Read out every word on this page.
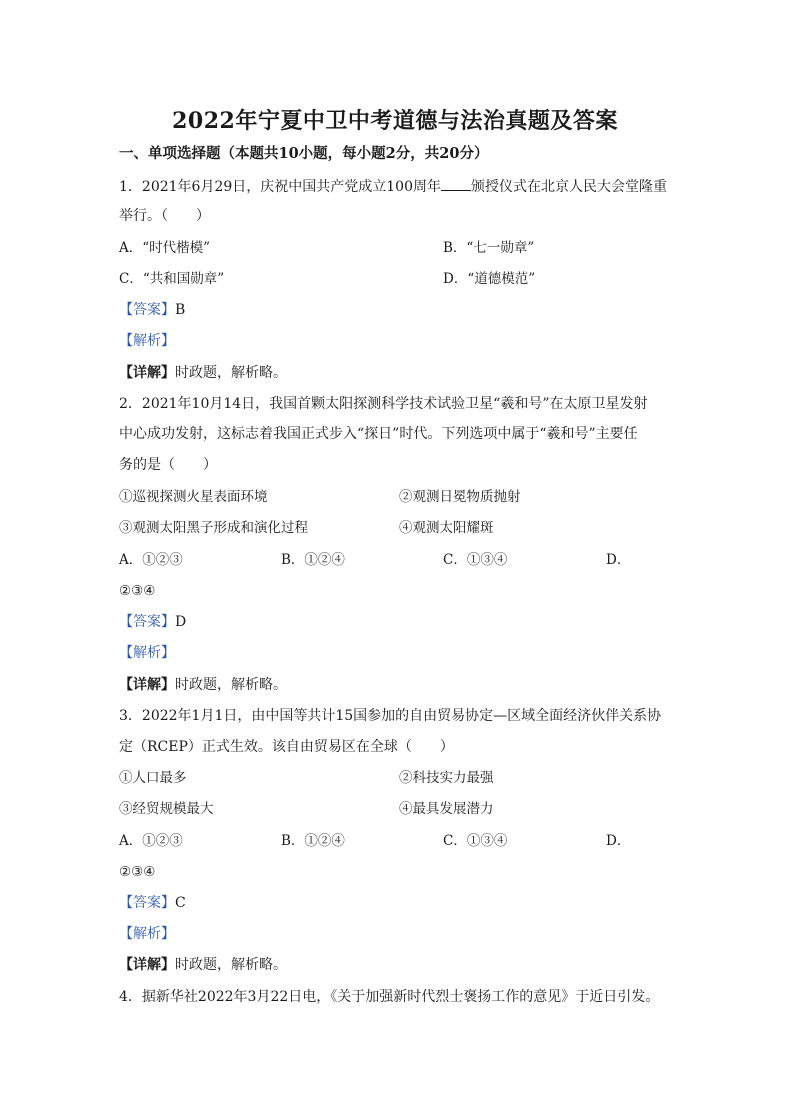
2022年宁夏中卫中考道德与法治真题及答案
一、单项选择题（本题共10小题，每小题2分，共20分）
1．2021年6月29日，庆祝中国共产党成立100周年 颁授仪式在北京人民大会堂隆重
举行。（　　）
A．“时代楷模”	B．“七一勋章”
C．“共和国勋章”	D．“道德模范”
【答案】B
【解析】
【详解】时政题，解析略。
2．2021年10月14日，我国首颗太阳探测科学技术试验卫星“羲和号”在太原卫星发射
中心成功发射，这标志着我国正式步入“探日”时代。下列选项中属于“羲和号”主要任
务的是（　　）
①巡视探测火星表面环境	②观测日冕物质抛射
③观测太阳黑子形成和演化过程	④观测太阳耀斑
A．①②③	B．①②④	C．①③④	D．
②③④
【答案】D
【解析】
【详解】时政题，解析略。
3．2022年1月1日，由中国等共计15国参加的自由贸易协定—区域全面经济伙伴关系协
定（RCEP）正式生效。该自由贸易区在全球（　　）
①人口最多	②科技实力最强
③经贸规模最大	④最具发展潜力
A．①②③	B．①②④	C．①③④	D．
②③④
【答案】C
【解析】
【详解】时政题，解析略。
4．据新华社2022年3月22日电，《关于加强新时代烈士褒扬工作的意见》于近日引发。
